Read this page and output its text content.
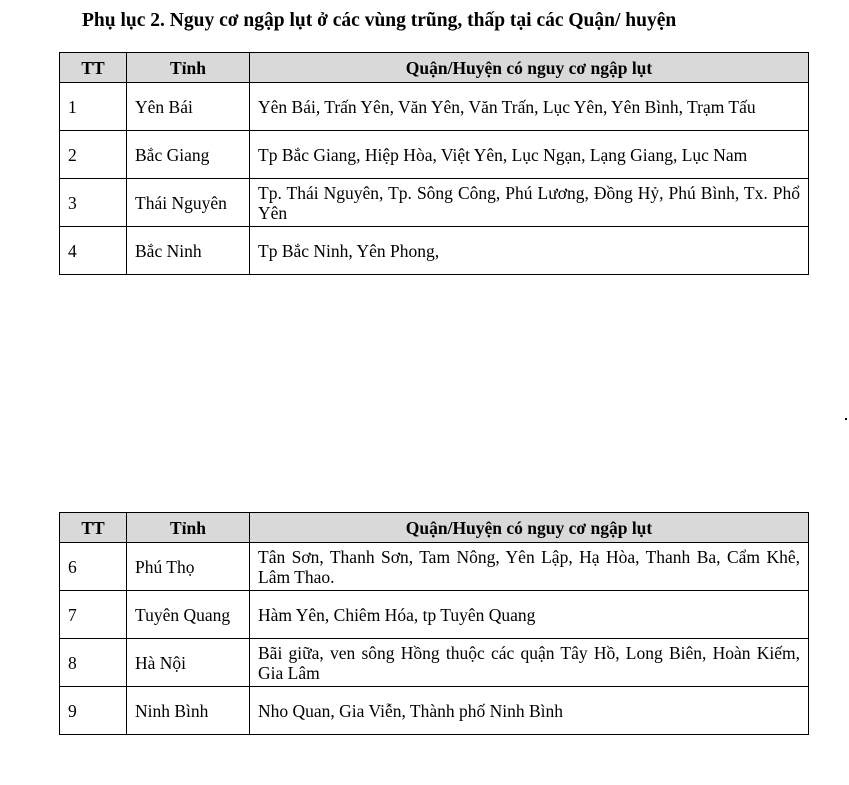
Phụ lục 2. Nguy cơ ngập lụt ở các vùng trũng, thấp tại các Quận/ huyện
TT	Tỉnh	Quận/Huyện có nguy cơ ngập lụt
1	Yên Bái	Yên Bái, Trấn Yên, Văn Yên, Văn Trấn, Lục Yên, Yên Bình, Trạm Tấu
2	Bắc Giang	Tp Bắc Giang, Hiệp Hòa, Việt Yên, Lục Ngạn, Lạng Giang, Lục Nam
3	Thái Nguyên	Tp. Thái Nguyên, Tp. Sông Công, Phú Lương, Đồng Hỷ, Phú Bình, Tx. Phổ Yên
4	Bắc Ninh	Tp Bắc Ninh, Yên Phong,
TT	Tỉnh	Quận/Huyện có nguy cơ ngập lụt
6	Phú Thọ	Tân Sơn, Thanh Sơn, Tam Nông, Yên Lập, Hạ Hòa, Thanh Ba, Cẩm Khê, Lâm Thao.
7	Tuyên Quang	Hàm Yên, Chiêm Hóa, tp Tuyên Quang
8	Hà Nội	Bãi giữa, ven sông Hồng thuộc các quận Tây Hồ, Long Biên, Hoàn Kiếm, Gia Lâm
9	Ninh Bình	Nho Quan, Gia Viễn, Thành phố Ninh Bình
